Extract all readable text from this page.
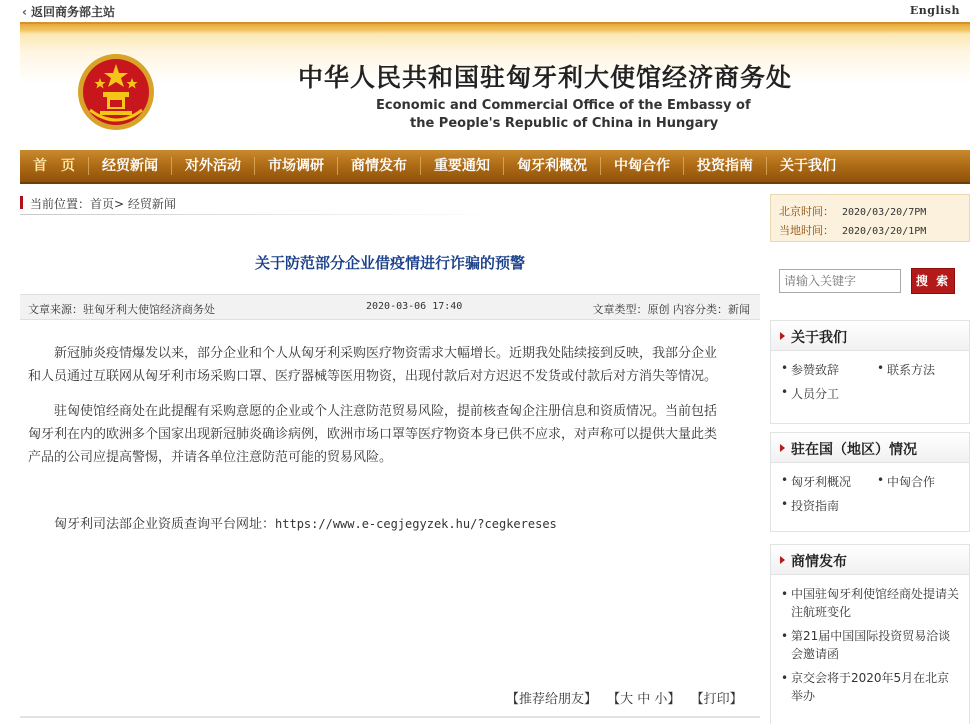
‹ 返回商务部主站	English
中华人民共和国驻匈牙利大使馆经济商务处
Economic and Commercial Office of the Embassy of
the People's Republic of China in Hungary
首　页	经贸新闻	对外活动	市场调研	商情发布	重要通知	匈牙利概况	中匈合作	投资指南	关于我们
当前位置：首页> 经贸新闻
关于防范部分企业借疫情进行诈骗的预警
文章来源：驻匈牙利大使馆经济商务处	2020-03-06 17:40	文章类型：原创 内容分类：新闻

新冠肺炎疫情爆发以来，部分企业和个人从匈牙利采购医疗物资需求大幅增长。近期我处陆续接到反映，我部分企业和人员通过互联网从匈牙利市场采购口罩、医疗器械等医用物资，出现付款后对方迟迟不发货或付款后对方消失等情况。

驻匈使馆经商处在此提醒有采购意愿的企业或个人注意防范贸易风险，提前核查匈企注册信息和资质情况。当前包括匈牙利在内的欧洲多个国家出现新冠肺炎确诊病例，欧洲市场口罩等医疗物资本身已供不应求，对声称可以提供大量此类产品的公司应提高警惕，并请各单位注意防范可能的贸易风险。

匈牙利司法部企业资质查询平台网址：https://www.e-cegjegyzek.hu/?cegkereses

【推荐给朋友】 【大 中 小】 【打印】
北京时间： 2020/03/20/7PM
当地时间： 2020/03/20/1PM
请输入关键字
搜 索
关于我们
• 参赞致辞	• 联系方法
• 人员分工
驻在国（地区）情况
• 匈牙利概况	• 中匈合作
• 投资指南
商情发布
• 中国驻匈牙利使馆经商处提请关注航班变化
• 第21届中国国际投资贸易洽谈会邀请函
• 京交会将于2020年5月在北京举办
